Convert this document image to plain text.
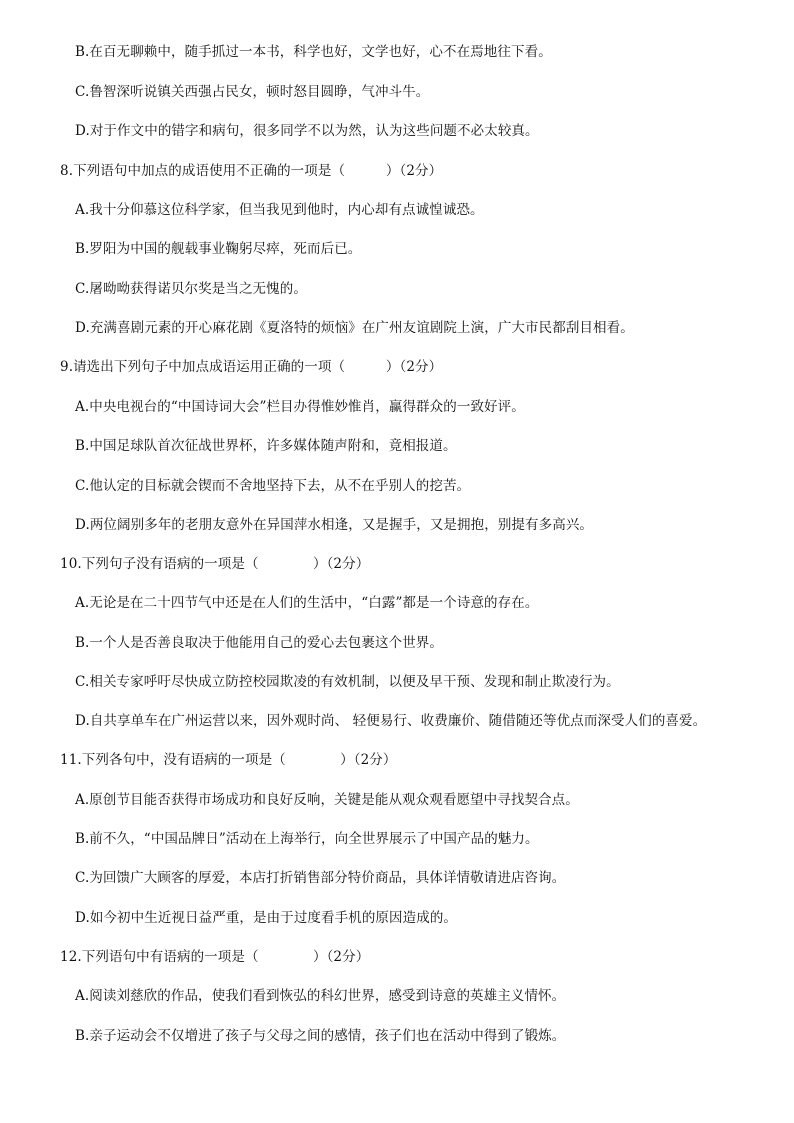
B.在百无聊赖中，随手抓过一本书，科学也好，文学也好，心不在焉地往下看。
C.鲁智深听说镇关西强占民女，顿时怒目圆睁，气冲斗牛。
D.对于作文中的错字和病句，很多同学不以为然，认为这些问题不必太较真。
8.下列语句中加点的成语使用不正确的一项是（　　　）（2分）
A.我十分仰慕这位科学家，但当我见到他时，内心却有点诚惶诚恐。
B.罗阳为中国的舰载事业鞠躬尽瘁，死而后已。
C.屠呦呦获得诺贝尔奖是当之无愧的。
D.充满喜剧元素的开心麻花剧《夏洛特的烦恼》在广州友谊剧院上演，广大市民都刮目相看。
9.请选出下列句子中加点成语运用正确的一项（　　　）（2分）
A.中央电视台的“中国诗词大会”栏目办得惟妙惟肖，赢得群众的一致好评。
B.中国足球队首次征战世界杯，许多媒体随声附和，竟相报道。
C.他认定的目标就会锲而不舍地坚持下去，从不在乎别人的挖苦。
D.两位阔别多年的老朋友意外在异国萍水相逢，又是握手，又是拥抱，别提有多高兴。
10.下列句子没有语病的一项是（　　　　）（2分）
A.无论是在二十四节气中还是在人们的生活中，“白露”都是一个诗意的存在。
B.一个人是否善良取决于他能用自己的爱心去包裹这个世界。
C.相关专家呼吁尽快成立防控校园欺凌的有效机制，以便及早干预、发现和制止欺凌行为。
D.自共享单车在广州运营以来，因外观时尚、 轻便易行、收费廉价、随借随还等优点而深受人们的喜爱。
11.下列各句中，没有语病的一项是（　　　　）（2分）
A.原创节目能否获得市场成功和良好反响，关键是能从观众观看愿望中寻找契合点。
B.前不久，“中国品牌日”活动在上海举行，向全世界展示了中国产品的魅力。
C.为回馈广大顾客的厚爱，本店打折销售部分特价商品，具体详情敬请进店咨询。
D.如今初中生近视日益严重，是由于过度看手机的原因造成的。
12.下列语句中有语病的一项是（　　　　）（2分）
A.阅读刘慈欣的作品，使我们看到恢弘的科幻世界，感受到诗意的英雄主义情怀。
B.亲子运动会不仅增进了孩子与父母之间的感情，孩子们也在活动中得到了锻炼。
